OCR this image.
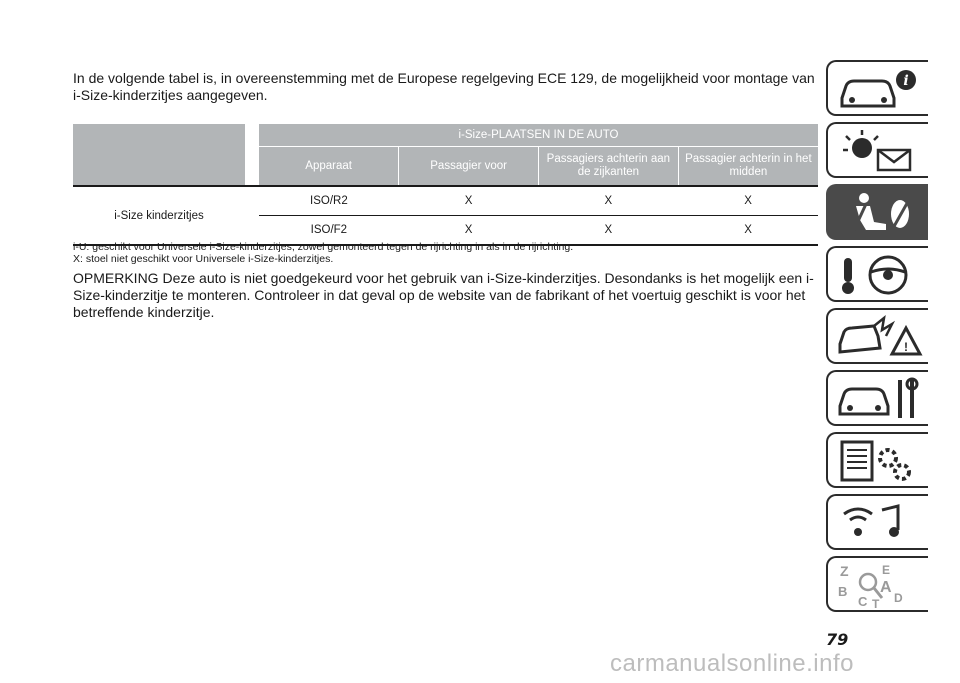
In de volgende tabel is, in overeenstemming met de Europese regelgeving ECE 129, de mogelijkheid voor montage van i-Size-kinderzitjes aangegeven.

		i-Size-PLAATSEN IN DE AUTO			
		Apparaat	Passagier voor	Passagiers achterin aan de zijkanten	Passagier achterin in het midden

i-Size kinderzitjes		ISO/R2	X	X	X
		ISO/F2	X	X	X
i-U: geschikt voor Universele i-Size-kinderzitjes, zowel gemonteerd tegen de rijrichting in als in de rijrichting.
X: stoel niet geschikt voor Universele i-Size-kinderzitjes.

OPMERKING Deze auto is niet goedgekeurd voor het gebruik van i-Size-kinderzitjes. Desondanks is het mogelijk een i-Size-kinderzitje te monteren. Controleer in dat geval op de website van de fabrikant of het voertuig geschikt is voor het betreffende kinderzitje.

i
!
Z	E
B A
C T D
79
carmanualsonline.info
